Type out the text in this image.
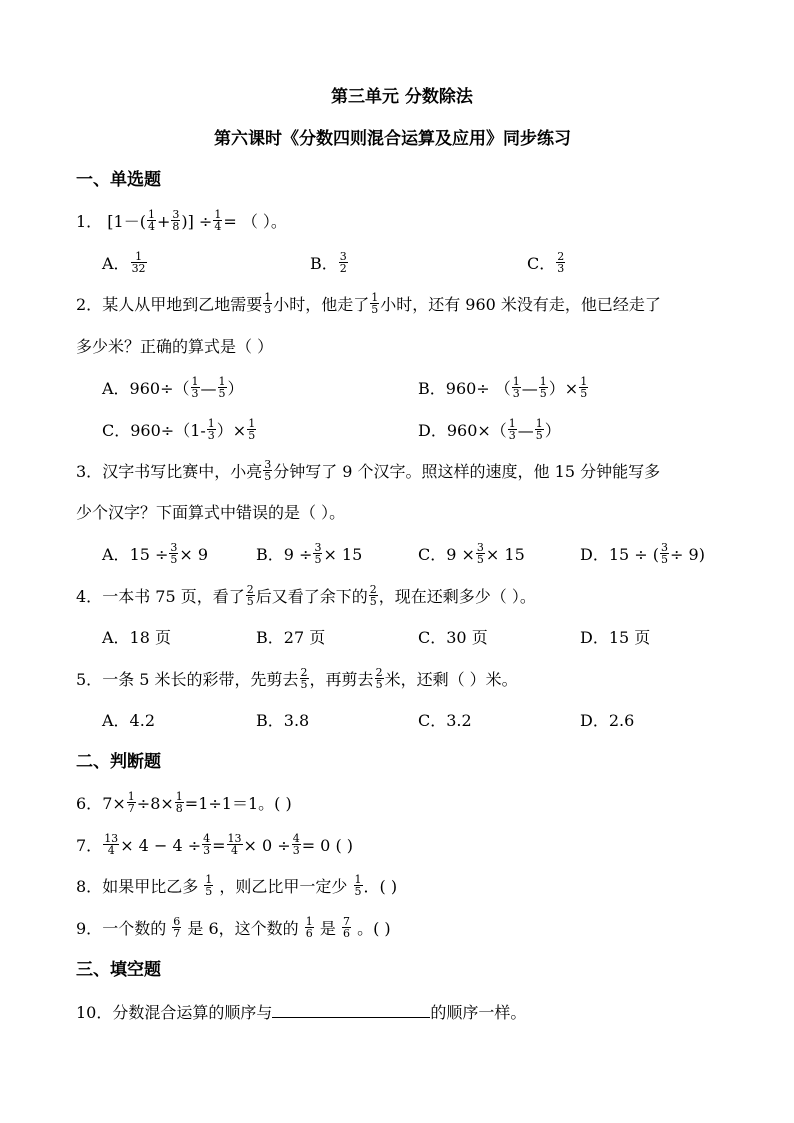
第三单元 分数除法
第六课时《分数四则混合运算及应用》同步练习
一、单选题
1． [$1-( \frac{1}{4} + \frac{3}{8}$ )] ÷ $\frac{1}{4}$ = （ ）。
A． $\frac{1}{32}$	B． $\frac{3}{2}$	C． $\frac{2}{3}$
2．某人从甲地到乙地需要 $\frac{1}{3}$ 小时，他走了 $\frac{1}{5}$ 小时，还有 960 米没有走，他已经走了
多少米？正确的算式是（ ）
A．$960\div( \frac{1}{3}$ — $\frac{1}{5}$ ）	B．960÷ （ $\frac{1}{3}$ — $\frac{1}{5}$ ）× $\frac{1}{5}$
C．$960\div(1- \frac{1}{3}$ ）× $\frac{1}{5}$	D．$960\times( \frac{1}{3}$ — $\frac{1}{5}$ ）
3．汉字书写比赛中，小亮 $\frac{3}{5}$ 分钟写了 9 个汉字。照这样的速度，他 15 分钟能写多
少个汉字？下面算式中错误的是（ ）。
A．$15 \div \frac{3}{5} \times 9$	B．$9 \div \frac{3}{5} \times 15$	C．$9 \times \frac{3}{5} \times 15$	D．15 ÷ ( $\frac{3}{5} \div 9$)
4．一本书 75 页，看了 $\frac{2}{5}$ 后又看了余下的 $\frac{2}{5}$ ，现在还剩多少（ ）。
A．18 页	B．27 页	C．30 页	D．15 页
5．一条 5 米长的彩带，先剪去 $\frac{2}{5}$ ，再剪去 $\frac{2}{5}$ 米，还剩（ ）米。
A．4.2	B．3.8	C．3.2	D．2.6
二、判断题
6．$7\times \frac{1}{7} \div 8\times \frac{1}{8} =1\div 1=1$。( )
7． $\frac{13}{4} \times 4 - 4 \div \frac{4}{3} = \frac{13}{4} \times 0 \div \frac{4}{3} = 0$ ( )
8．如果甲比乙多 $\frac{1}{5}$ ，则乙比甲一定少 $\frac{1}{5}$ ．( )
9．一个数的 $\frac{6}{7}$ 是 6，这个数的 $\frac{1}{6}$ 是 $\frac{7}{6}$ 。( )
三、填空题
10．分数混合运算的顺序与	的顺序一样。
